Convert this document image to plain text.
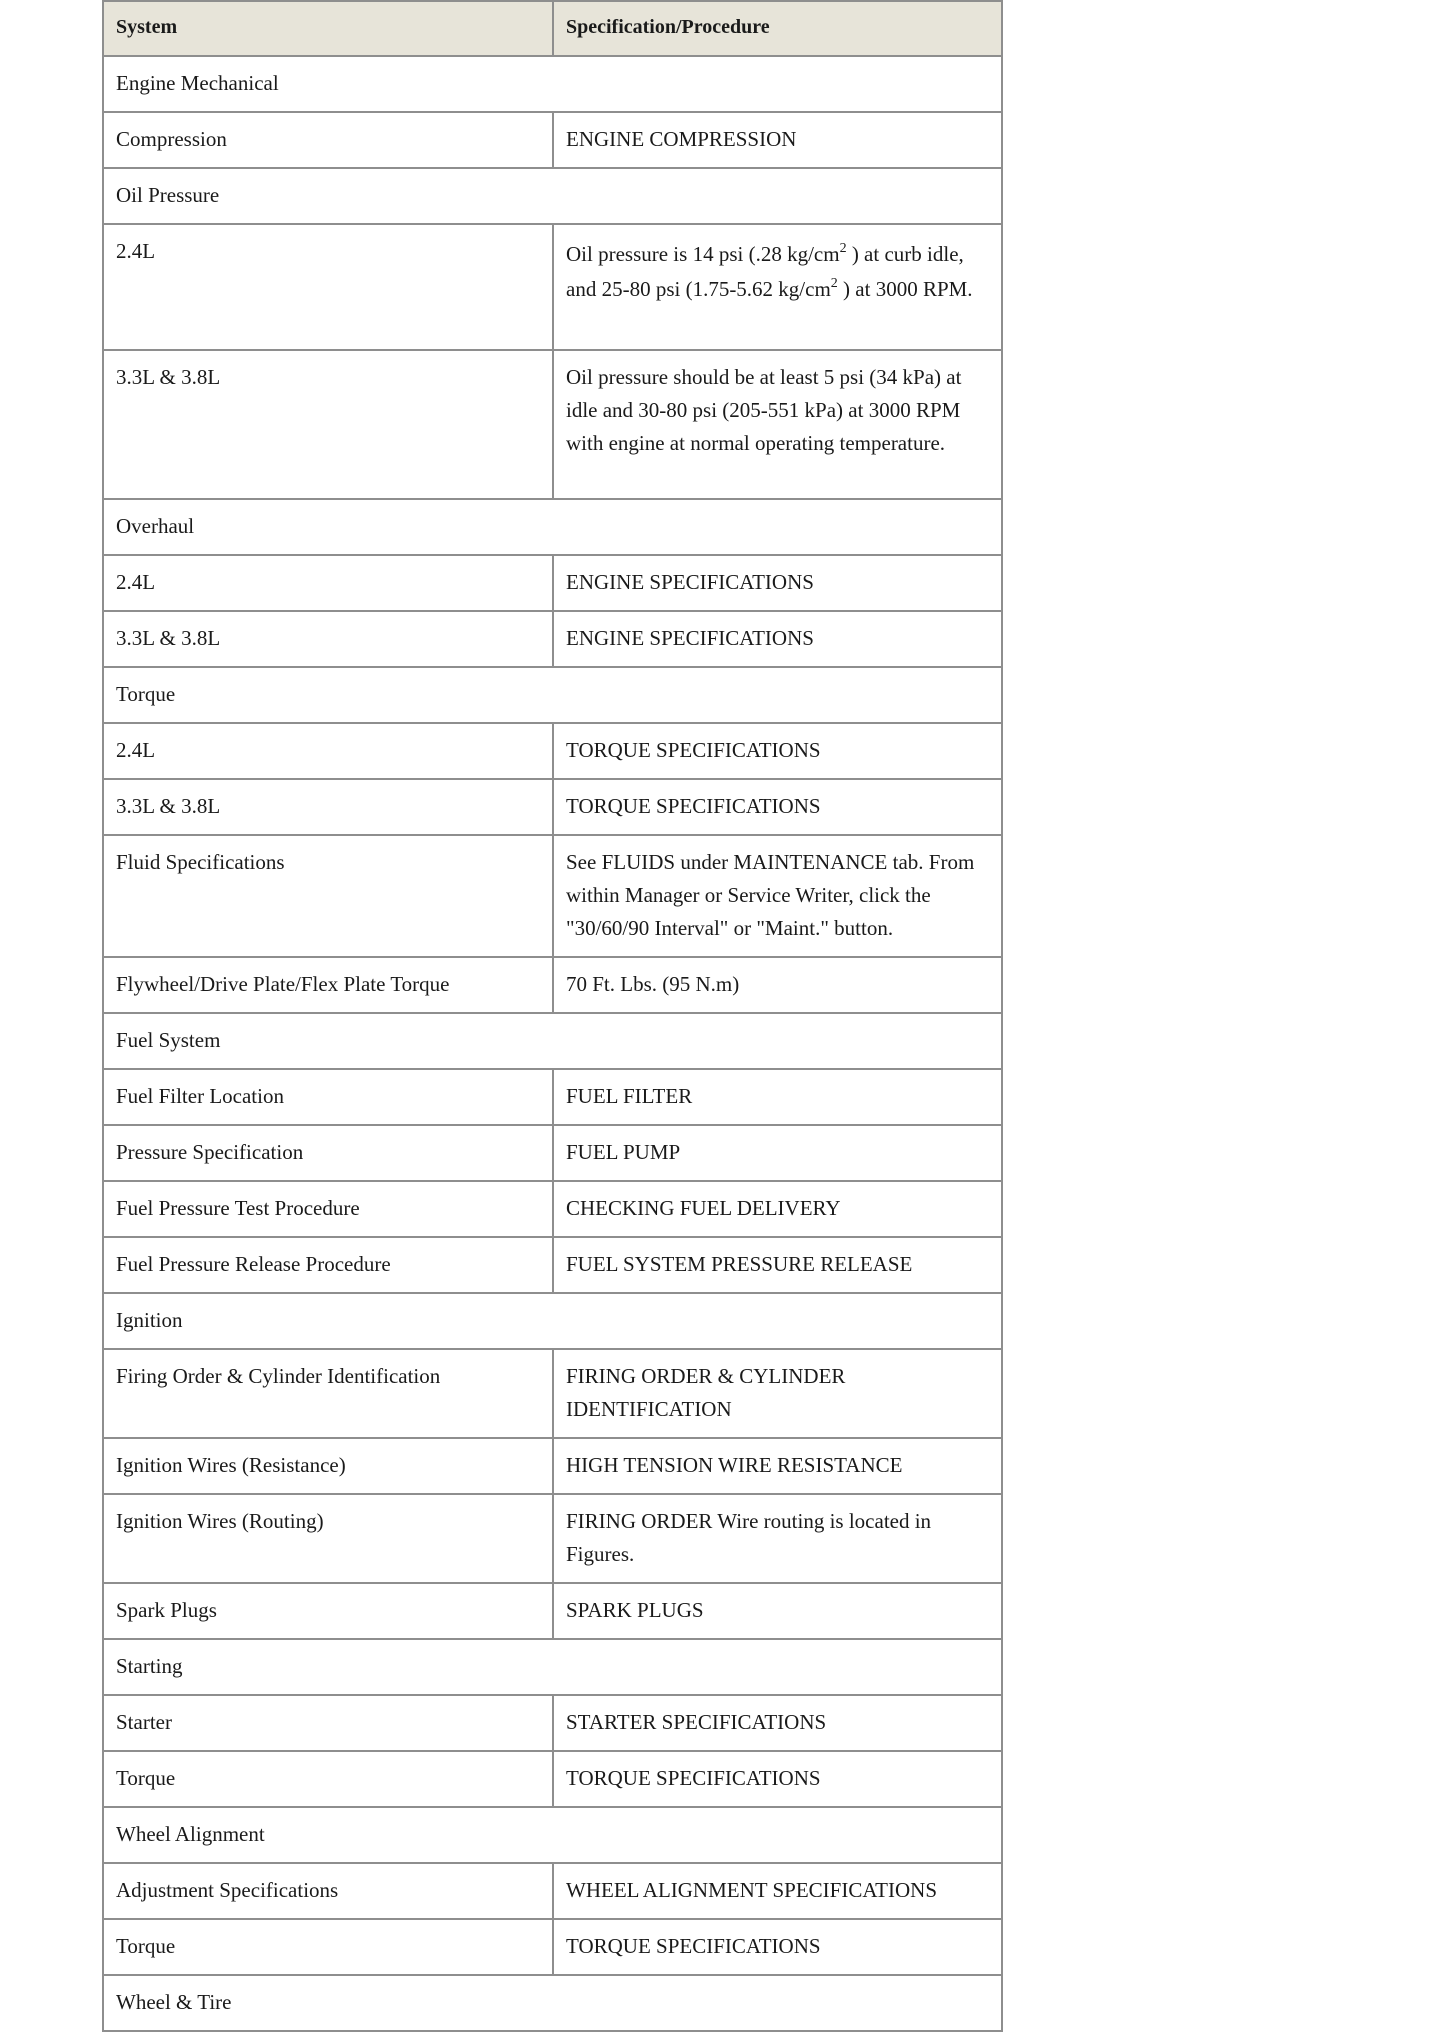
System	Specification/Procedure
Engine Mechanical	
Compression	ENGINE COMPRESSION
Oil Pressure	
2.4L	Oil pressure is 14 psi (.28 $kg/cm^2$ ) at curb idle, and 25-80 psi (1.75-5.62 $kg/cm^2$ ) at 3000 RPM.
3.3L & 3.8L	Oil pressure should be at least 5 psi (34 kPa) at idle and 30-80 psi (205-551 kPa) at 3000 RPM with engine at normal operating temperature.
Overhaul	
2.4L	ENGINE SPECIFICATIONS
3.3L & 3.8L	ENGINE SPECIFICATIONS
Torque	
2.4L	TORQUE SPECIFICATIONS
3.3L & 3.8L	TORQUE SPECIFICATIONS
Fluid Specifications	See FLUIDS under MAINTENANCE tab. From within Manager or Service Writer, click the "30/60/90 Interval" or "Maint." button.
Flywheel/Drive Plate/Flex Plate Torque	70 Ft. Lbs. (95 N.m)
Fuel System	
Fuel Filter Location	FUEL FILTER
Pressure Specification	FUEL PUMP
Fuel Pressure Test Procedure	CHECKING FUEL DELIVERY
Fuel Pressure Release Procedure	FUEL SYSTEM PRESSURE RELEASE
Ignition	
Firing Order & Cylinder Identification	FIRING ORDER & CYLINDER IDENTIFICATION
Ignition Wires (Resistance)	HIGH TENSION WIRE RESISTANCE
Ignition Wires (Routing)	FIRING ORDER Wire routing is located in Figures.
Spark Plugs	SPARK PLUGS
Starting	
Starter	STARTER SPECIFICATIONS
Torque	TORQUE SPECIFICATIONS
Wheel Alignment	
Adjustment Specifications	WHEEL ALIGNMENT SPECIFICATIONS
Torque	TORQUE SPECIFICATIONS
Wheel & Tire	
